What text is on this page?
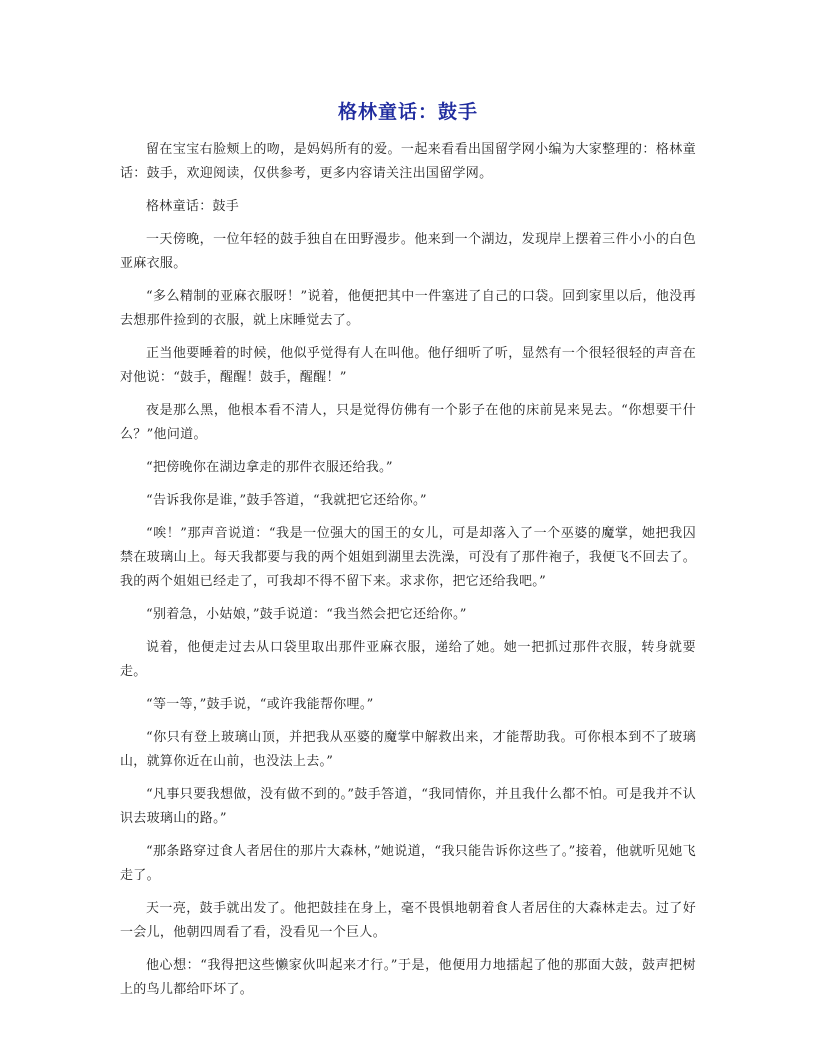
格林童话：鼓手

留在宝宝右脸颊上的吻，是妈妈所有的爱。一起来看看出国留学网小编为大家整理的：格林童话：鼓手，欢迎阅读，仅供参考，更多内容请关注出国留学网。

格林童话：鼓手

一天傍晚，一位年轻的鼓手独自在田野漫步。他来到一个湖边，发现岸上摆着三件小小的白色亚麻衣服。

“多么精制的亚麻衣服呀！”说着，他便把其中一件塞进了自己的口袋。回到家里以后，他没再去想那件捡到的衣服，就上床睡觉去了。

正当他要睡着的时候，他似乎觉得有人在叫他。他仔细听了听，显然有一个很轻很轻的声音在对他说：“鼓手，醒醒！鼓手，醒醒！”

夜是那么黑，他根本看不清人，只是觉得仿佛有一个影子在他的床前晃来晃去。“你想要干什么？”他问道。

“把傍晚你在湖边拿走的那件衣服还给我。”

“告诉我你是谁，”鼓手答道，“我就把它还给你。”

“唉！”那声音说道：“我是一位强大的国王的女儿，可是却落入了一个巫婆的魔掌，她把我囚禁在玻璃山上。每天我都要与我的两个姐姐到湖里去洗澡，可没有了那件袍子，我便飞不回去了。我的两个姐姐已经走了，可我却不得不留下来。求求你，把它还给我吧。”

“别着急，小姑娘，”鼓手说道：“我当然会把它还给你。”

说着，他便走过去从口袋里取出那件亚麻衣服，递给了她。她一把抓过那件衣服，转身就要走。

“等一等，”鼓手说，“或许我能帮你哩。”

“你只有登上玻璃山顶，并把我从巫婆的魔掌中解救出来，才能帮助我。可你根本到不了玻璃山，就算你近在山前，也没法上去。”

“凡事只要我想做，没有做不到的。”鼓手答道，“我同情你，并且我什么都不怕。可是我并不认识去玻璃山的路。”

“那条路穿过食人者居住的那片大森林，”她说道，“我只能告诉你这些了。”接着，他就听见她飞走了。

天一亮，鼓手就出发了。他把鼓挂在身上，毫不畏惧地朝着食人者居住的大森林走去。过了好一会儿，他朝四周看了看，没看见一个巨人。

他心想：“我得把这些懒家伙叫起来才行。”于是，他便用力地擂起了他的那面大鼓，鼓声把树上的鸟儿都给吓坏了。
